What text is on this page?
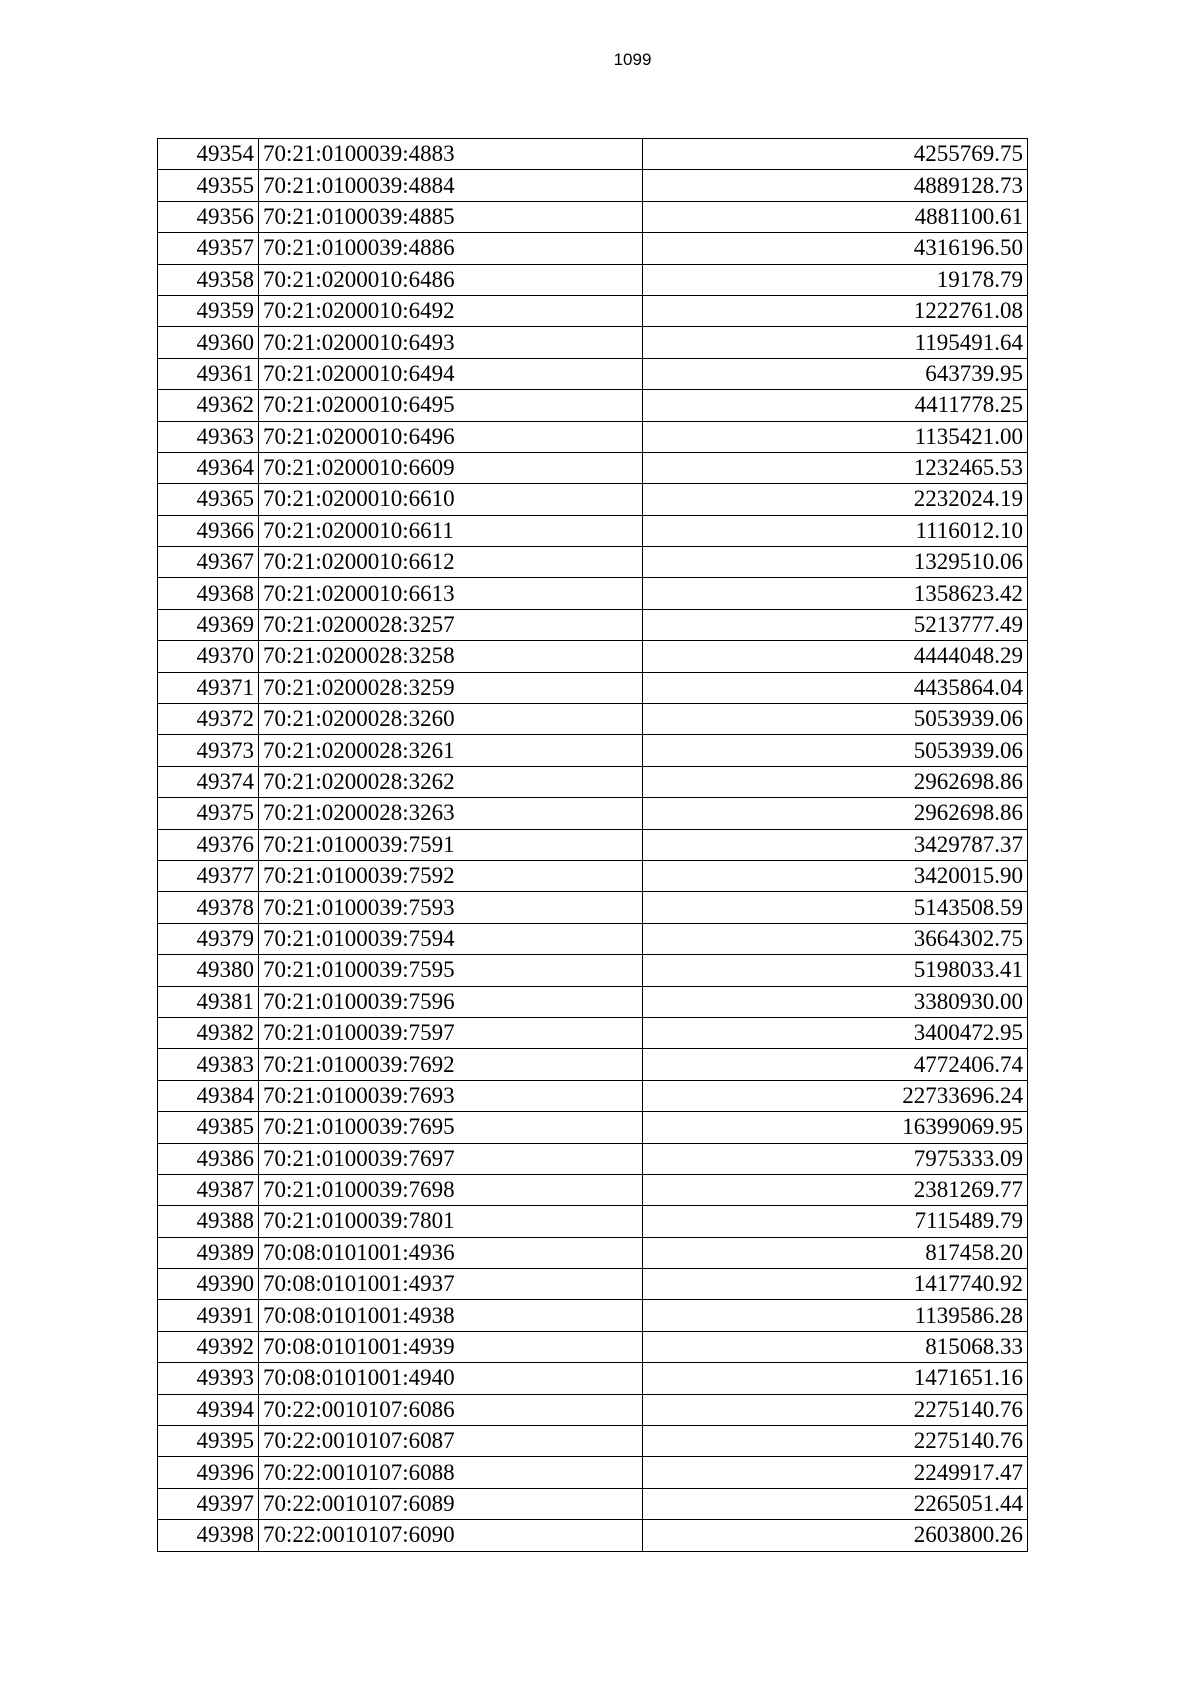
1099
49354	70:21:0100039:4883	4255769.75
49355	70:21:0100039:4884	4889128.73
49356	70:21:0100039:4885	4881100.61
49357	70:21:0100039:4886	4316196.50
49358	70:21:0200010:6486	19178.79
49359	70:21:0200010:6492	1222761.08
49360	70:21:0200010:6493	1195491.64
49361	70:21:0200010:6494	643739.95
49362	70:21:0200010:6495	4411778.25
49363	70:21:0200010:6496	1135421.00
49364	70:21:0200010:6609	1232465.53
49365	70:21:0200010:6610	2232024.19
49366	70:21:0200010:6611	1116012.10
49367	70:21:0200010:6612	1329510.06
49368	70:21:0200010:6613	1358623.42
49369	70:21:0200028:3257	5213777.49
49370	70:21:0200028:3258	4444048.29
49371	70:21:0200028:3259	4435864.04
49372	70:21:0200028:3260	5053939.06
49373	70:21:0200028:3261	5053939.06
49374	70:21:0200028:3262	2962698.86
49375	70:21:0200028:3263	2962698.86
49376	70:21:0100039:7591	3429787.37
49377	70:21:0100039:7592	3420015.90
49378	70:21:0100039:7593	5143508.59
49379	70:21:0100039:7594	3664302.75
49380	70:21:0100039:7595	5198033.41
49381	70:21:0100039:7596	3380930.00
49382	70:21:0100039:7597	3400472.95
49383	70:21:0100039:7692	4772406.74
49384	70:21:0100039:7693	22733696.24
49385	70:21:0100039:7695	16399069.95
49386	70:21:0100039:7697	7975333.09
49387	70:21:0100039:7698	2381269.77
49388	70:21:0100039:7801	7115489.79
49389	70:08:0101001:4936	817458.20
49390	70:08:0101001:4937	1417740.92
49391	70:08:0101001:4938	1139586.28
49392	70:08:0101001:4939	815068.33
49393	70:08:0101001:4940	1471651.16
49394	70:22:0010107:6086	2275140.76
49395	70:22:0010107:6087	2275140.76
49396	70:22:0010107:6088	2249917.47
49397	70:22:0010107:6089	2265051.44
49398	70:22:0010107:6090	2603800.26
